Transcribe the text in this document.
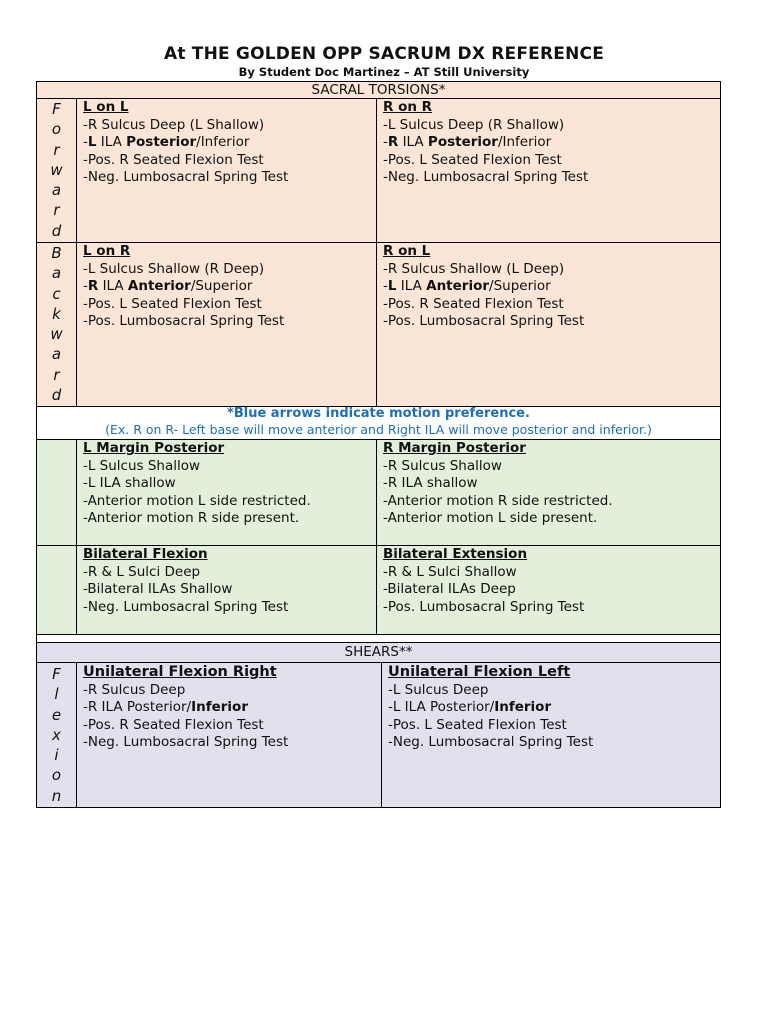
At THE GOLDEN OPP SACRUM DX REFERENCE
By Student Doc Martinez – AT Still University
SACRAL TORSIONS*
F
o
r
w
a
r
d
L on L
-R Sulcus Deep (L Shallow)
-L ILA Posterior/Inferior
-Pos. R Seated Flexion Test
-Neg. Lumbosacral Spring Test
R on R
-L Sulcus Deep (R Shallow)
-R ILA Posterior/Inferior
-Pos. L Seated Flexion Test
-Neg. Lumbosacral Spring Test
B
a
c
k
w
a
r
d
L on R
-L Sulcus Shallow (R Deep)
-R ILA Anterior/Superior
-Pos. L Seated Flexion Test
-Pos. Lumbosacral Spring Test
R on L
-R Sulcus Shallow (L Deep)
-L ILA Anterior/Superior
-Pos. R Seated Flexion Test
-Pos. Lumbosacral Spring Test
*Blue arrows indicate motion preference.
(Ex. R on R- Left base will move anterior and Right ILA will move posterior and inferior.)
L Margin Posterior
-L Sulcus Shallow
-L ILA shallow
-Anterior motion L side restricted.
-Anterior motion R side present.
R Margin Posterior
-R Sulcus Shallow
-R ILA shallow
-Anterior motion R side restricted.
-Anterior motion L side present.
Bilateral Flexion
-R & L Sulci Deep
-Bilateral ILAs Shallow
-Neg. Lumbosacral Spring Test
Bilateral Extension
-R & L Sulci Shallow
-Bilateral ILAs Deep
-Pos. Lumbosacral Spring Test
SHEARS**
F
l
e
x
i
o
n
Unilateral Flexion Right
-R Sulcus Deep
-R ILA Posterior/Inferior
-Pos. R Seated Flexion Test
-Neg. Lumbosacral Spring Test
Unilateral Flexion Left
-L Sulcus Deep
-L ILA Posterior/Inferior
-Pos. L Seated Flexion Test
-Neg. Lumbosacral Spring Test
